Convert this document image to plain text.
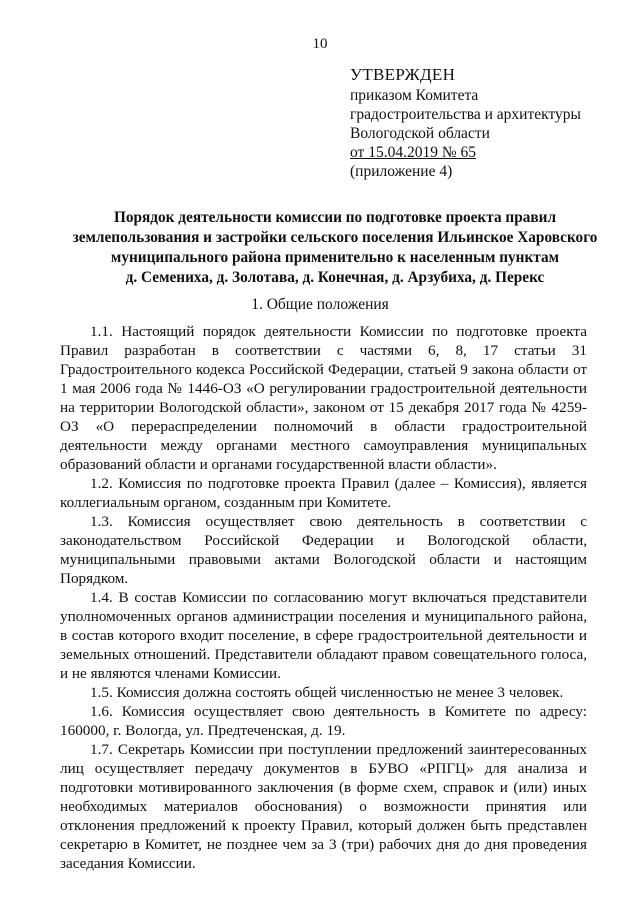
10
УТВЕРЖДЕН
приказом Комитета
градостроительства и архитектуры
Вологодской области
от 15.04.2019 № 65
(приложение 4)
Порядок деятельности комиссии по подготовке проекта правил
землепользования и застройки сельского поселения Ильинское Харовского
муниципального района применительно к населенным пунктам
д. Семениха, д. Золотава, д. Конечная, д. Арзубиха, д. Перекс
1. Общие положения

1.1. Настоящий порядок деятельности Комиссии по подготовке проекта Правил разработан в соответствии с частями 6, 8, 17 статьи 31 Градостроительного кодекса Российской Федерации, статьей 9 закона области от 1 мая 2006 года № 1446-ОЗ «О регулировании градостроительной деятельности на территории Вологодской области», законом от 15 декабря 2017 года № 4259-ОЗ «О перераспределении полномочий в области градостроительной деятельности между органами местного самоуправления муниципальных образований области и органами государственной власти области».

1.2. Комиссия по подготовке проекта Правил (далее – Комиссия), является коллегиальным органом, созданным при Комитете.

1.3. Комиссия осуществляет свою деятельность в соответствии с законодательством Российской Федерации и Вологодской области, муниципальными правовыми актами Вологодской области и настоящим Порядком.

1.4. В состав Комиссии по согласованию могут включаться представители уполномоченных органов администрации поселения и муниципального района, в состав которого входит поселение, в сфере градостроительной деятельности и земельных отношений. Представители обладают правом совещательного голоса, и не являются членами Комиссии.

1.5. Комиссия должна состоять общей численностью не менее 3 человек.

1.6. Комиссия осуществляет свою деятельность в Комитете по адресу: 160000, г. Вологда, ул. Предтеченская, д. 19.

1.7. Секретарь Комиссии при поступлении предложений заинтересованных лиц осуществляет передачу документов в БУВО «РПГЦ» для анализа и подготовки мотивированного заключения (в форме схем, справок и (или) иных необходимых материалов обоснования) о возможности принятия или отклонения предложений к проекту Правил, который должен быть представлен секретарю в Комитет, не позднее чем за 3 (три) рабочих дня до дня проведения заседания Комиссии.
